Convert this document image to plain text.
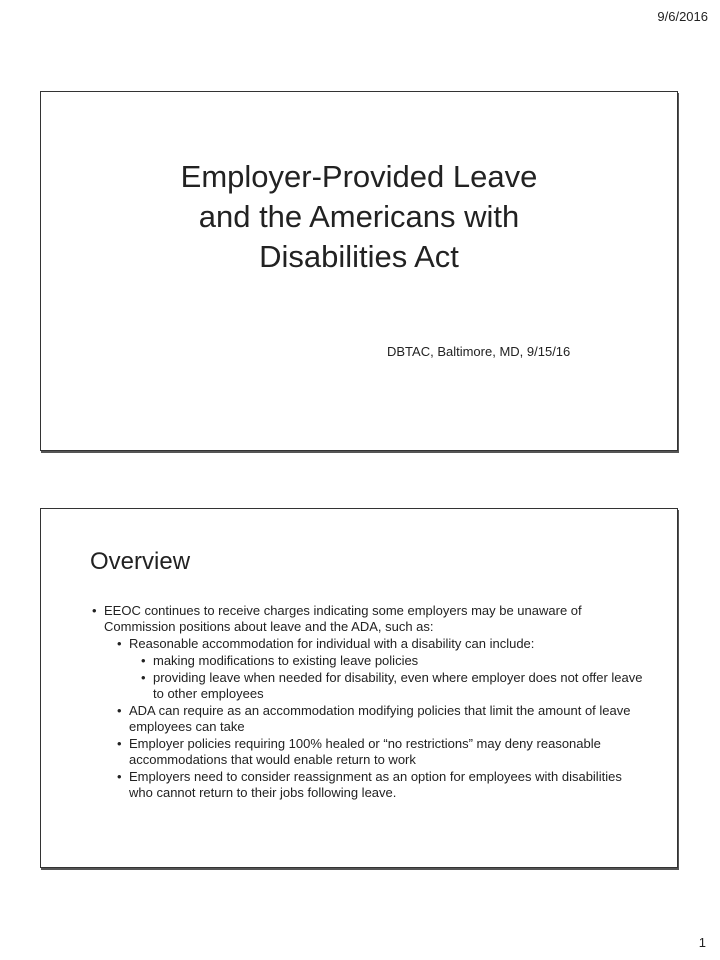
9/6/2016
Employer-Provided Leave
and the Americans with
Disabilities Act
DBTAC, Baltimore, MD, 9/15/16
Overview

• EEOC continues to receive charges indicating some employers may be unaware of Commission positions about leave and the ADA, such as:

• Reasonable accommodation for individual with a disability can include:

• making modifications to existing leave policies

• providing leave when needed for disability, even where employer does not offer leave to other employees

• ADA can require as an accommodation modifying policies that limit the amount of leave employees can take

• Employer policies requiring 100% healed or “no restrictions” may deny reasonable accommodations that would enable return to work

• Employers need to consider reassignment as an option for employees with disabilities who cannot return to their jobs following leave.

1
